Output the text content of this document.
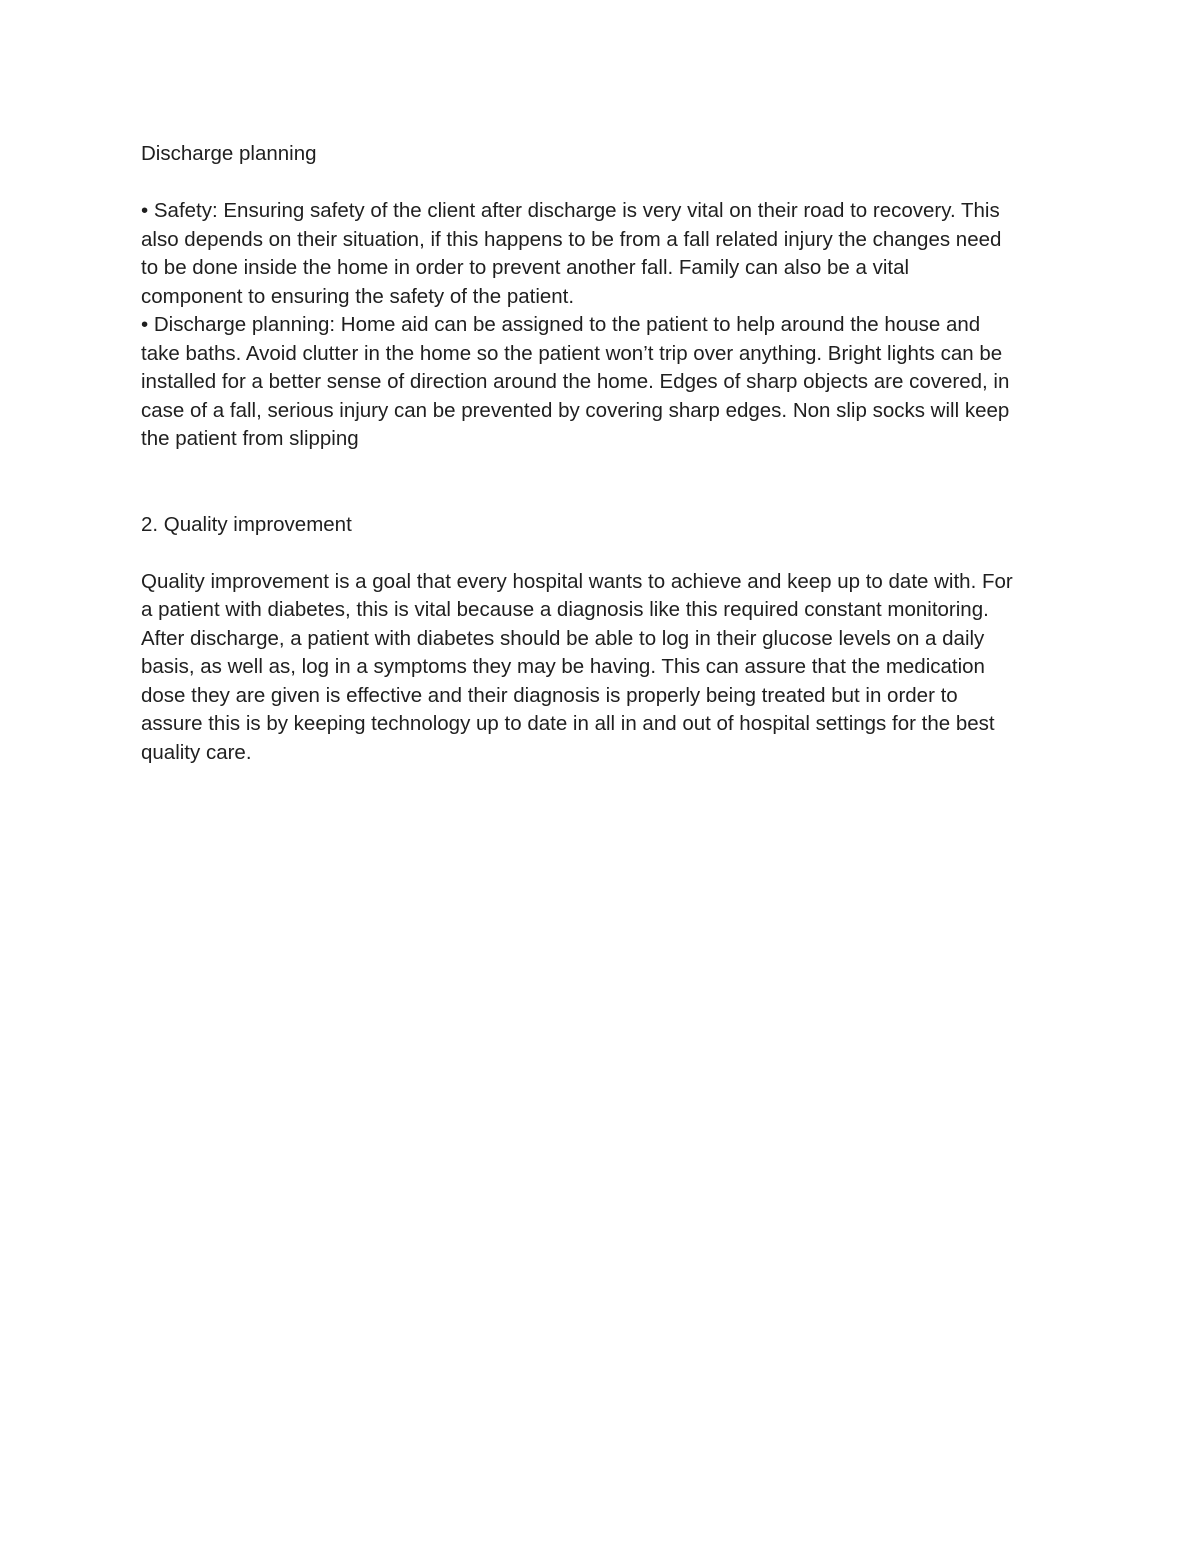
Discharge planning

• Safety: Ensuring safety of the client after discharge is very vital on their road to recovery. This

also depends on their situation, if this happens to be from a fall related injury the changes need

to be done inside the home in order to prevent another fall. Family can also be a vital

component to ensuring the safety of the patient.

• Discharge planning: Home aid can be assigned to the patient to help around the house and

take baths. Avoid clutter in the home so the patient won’t trip over anything. Bright lights can be

installed for a better sense of direction around the home. Edges of sharp objects are covered, in

case of a fall, serious injury can be prevented by covering sharp edges. Non slip socks will keep

the patient from slipping

2. Quality improvement

Quality improvement is a goal that every hospital wants to achieve and keep up to date with. For

a patient with diabetes, this is vital because a diagnosis like this required constant monitoring.

After discharge, a patient with diabetes should be able to log in their glucose levels on a daily

basis, as well as, log in a symptoms they may be having. This can assure that the medication

dose they are given is effective and their diagnosis is properly being treated but in order to

assure this is by keeping technology up to date in all in and out of hospital settings for the best

quality care.
